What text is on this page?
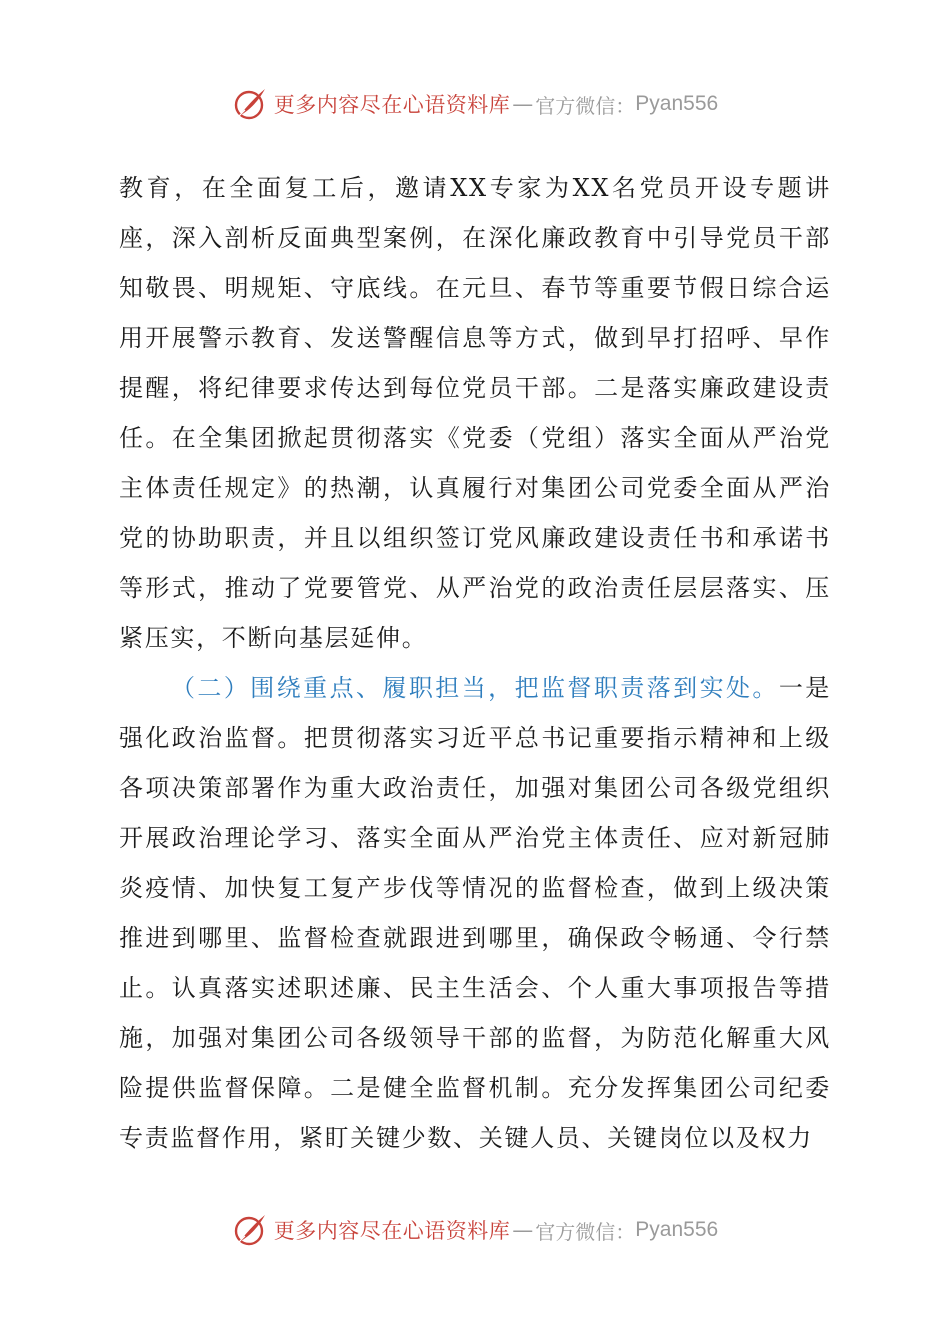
更多内容尽在心语资料库 — 官方微信： Pyan556

教育，在全面复工后，邀请XX专家为XX名党员开设专题讲座，深入剖析反面典型案例，在深化廉政教育中引导党员干部知敬畏、明规矩、守底线。在元旦、春节等重要节假日综合运用开展警示教育、发送警醒信息等方式，做到早打招呼、早作提醒，将纪律要求传达到每位党员干部。二是落实廉政建设责任。在全集团掀起贯彻落实《党委（党组）落实全面从严治党主体责任规定》的热潮，认真履行对集团公司党委全面从严治党的协助职责，并且以组织签订党风廉政建设责任书和承诺书等形式，推动了党要管党、从严治党的政治责任层层落实、压紧压实，不断向基层延伸。

（二）围绕重点、履职担当，把监督职责落到实处。一是强化政治监督。把贯彻落实习近平总书记重要指示精神和上级各项决策部署作为重大政治责任，加强对集团公司各级党组织开展政治理论学习、落实全面从严治党主体责任、应对新冠肺炎疫情、加快复工复产步伐等情况的监督检查，做到上级决策推进到哪里、监督检查就跟进到哪里，确保政令畅通、令行禁止。认真落实述职述廉、民主生活会、个人重大事项报告等措施，加强对集团公司各级领导干部的监督，为防范化解重大风险提供监督保障。二是健全监督机制。充分发挥集团公司纪委专责监督作用，紧盯关键少数、关键人员、关键岗位以及权力

更多内容尽在心语资料库 — 官方微信： Pyan556
